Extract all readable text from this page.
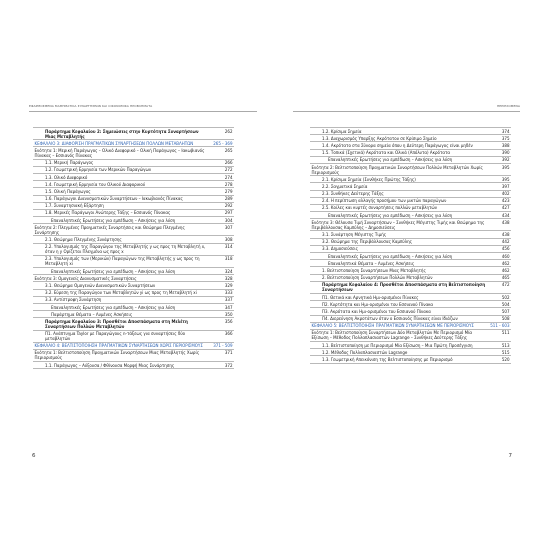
ΕΦΑΡΜΟΣΜΕΝΑ ΜΑΘΗΜΑΤΙΚΑ ΣΥΝΑΡΤΗΣΕΩΝ ΚΑΙ ΟΙΚΟΝΟΜΙΚΑ ΠΡΟΒΛΗΜΑΤΑ
Παράρτημα Κεφαλαίου 2: Σημειώσεις στην Κυρτότητα Συναρτήσεων Μιας Μεταβλητής	262
ΚΕΦΑΛΑΙΟ 3: ΔΙΑΦΟΡΙΣΗ ΠΡΑΓΜΑΤΙΚΩΝ ΣΥΝΑΡΤΗΣΕΩΝ ΠΟΛΛΩΝ ΜΕΤΑΒΛΗΤΩΝ	265 - 369
Ενότητα 1: Μερική Παράγωγος – Ολικό Διαφορικό – Ολική Παράγωγος – Ιακωβιανός Πίνακας – Εσσιανός Πίνακας	265
1.1. Μερική Παράγωγος	266
1.2. Γεωμετρική Ερμηνεία των Μερικών Παραγώγων	272
1.3. Ολικό Διαφορικό	274
1.4. Γεωμετρική Ερμηνεία του Ολικού Διαφορικού	278
1.5. Ολική Παράγωγος	279
1.6. Παράγωγοι Διανυσματικών Συναρτήσεων – Ιακωβιανός Πίνακας	289
1.7. Συναρτησιακή Εξάρτηση	292
1.8. Μερικές Παράγωγοι Ανώτερης Τάξης – Εσσιανός Πίνακας	297
Επαναληπτικές Ερωτήσεις για εμπέδωση – Ασκήσεις για λύση	304
Ενότητα 2: Πλεγμένες Πραγματικές Συναρτήσεις και Θεώρημα Πλεγμένης Συνάρτησης	307
2.1. Θεώρημα Πλεγμένης Συνάρτησης	308
2.2. Υπολογισμός της Παραγώγου της Μεταβλητής y ως προς τη Μεταβλητή x, όταν η y Ορίζεται Πλεγμένα ως προς x	314
2.3. Υπολογισμός των (Μερικών) Παραγώγων της Μεταβλητής y ως προς τη Μεταβλητή xi	318
Επαναληπτικές Ερωτήσεις για εμπέδωση – Ασκήσεις για λύση	324
Ενότητα 3: Ομογενείς Διανυσματικές Συναρτήσεις	328
3.1. Θεώρημα Ομογενών Διανυσματικών Συναρτήσεων	329
3.2. Εύρεση της Παραγώγου των Μεταβλητών yi ως προς τη Μεταβλητή xi	333
3.3. Αντίστροφη Συνάρτηση	337
Επαναληπτικές Ερωτήσεις για εμπέδωση – Ασκήσεις για λύση	347
Παράρτημα Θέματα – Λυμένες Ασκήσεις	350
Παράρτημα Κεφαλαίου 3: Προσθέτοι Αποσπάσματα στη Μελέτη Συναρτήσεων Πολλών Μεταβλητών	356
Π1. Ανάπτυγμα Taylor με Παραγώγους n-τάξεως για συναρτήσεις δύο μεταβλητών	366
ΚΕΦΑΛΑΙΟ 4: ΒΕΛΤΙΣΤΟΠΟΙΗΣΗ ΠΡΑΓΜΑΤΙΚΩΝ ΣΥΝΑΡΤΗΣΕΩΝ ΧΩΡΙΣ ΠΕΡΙΟΡΙΣΜΟΥΣ	371 - 509
Ενότητα 1: Βελτιστοποίηση Πραγματικών Συναρτήσεων Μιας Μεταβλητής Χωρίς Περιορισμούς	371
1.1. Παράγωγος – Αύξουσα / Φθίνουσα Μορφή Μιας Συνάρτησης	372
6
ΠΕΡΙΕΧΟΜΕΝΑ
1.2. Κρίσιμα Σημεία	374
1.3. Διαχωρισμός Υπαρξης Ακρότατου σε Κρίσιμο Σημείο	375
1.4. Ακρότατο στα Σύνορα σημεία όπου η Δεύτερη Παράγωγος είναι μηδέν	388
1.5. Τοπικά (Σχετικά) Ακρότατα και Ολικά (Απόλυτα) Ακρότατα	390
Επαναληπτικές Ερωτήσεις για εμπέδωση – Ασκήσεις για λύση	392
Ενότητα 2: Βελτιστοποίηση Πραγματικών Συναρτήσεων Πολλών Μεταβλητών Χωρίς Περιορισμούς	395
2.1. Κρίσιμα Σημεία (Συνθήκες Πρώτης Τάξης)	395
2.2. Σαγματικά Σημεία	397
2.3. Συνθήκες Δεύτερης Τάξης	402
2.4. Η περίπτωση αλλαγής προσήμου των μικτών παραγώγων	423
2.5. Κοίλες και κυρτές συναρτήσεις πολλών μεταβλητών	427
Επαναληπτικές Ερωτήσεις για εμπέδωση – Ασκήσεις για λύση	434
Ενότητα 3: Θέλουσα Τιμή Συναρτήσεων – Συνθήκες Μέγιστης Τιμής και Θεώρημα της Περιβάλλουσας Καμπύλης – Δημοσιεύσεις	438
3.1. Συνάρτηση Μέγιστης Τιμής	438
3.2. Θεώρημα της Περιβάλλουσας Καμπύλης	442
3.3. Δημοσιεύσεις	456
Επαναληπτικές Ερωτήσεις για εμπέδωση – Ασκήσεις για λύση	460
Επαναληπτικά Θέματα – Λυμένες Ασκήσεις	462
1. Βελτιστοποίηση Συναρτήσεων Μιας Μεταβλητής	462
2. Βελτιστοποίηση Συναρτήσεων Πολλών Μεταβλητών	465
Παράρτημα Κεφαλαίου 4: Προσθέτοι Αποσπάσματα στη Βελτιστοποίηση Συναρτήσεων	472
Π1. Θετικά και Αρνητικά Ημι-ορισμένοι Πίνακες	502
Π2. Κυρτότητα και Ημι-ορισμένοι του Εσσιανού Πίνακα	504
Π3. Ακρότατα και Ημι-ορισμένοι του Εσσιανού Πίνακα	507
Π4. Διερεύνηση Ακροτάτων όταν ο Εσσιανός Πίνακας είναι Ιδιάζων	508
ΚΕΦΑΛΑΙΟ 5: ΒΕΛΤΙΣΤΟΠΟΙΗΣΗ ΠΡΑΓΜΑΤΙΚΩΝ ΣΥΝΑΡΤΗΣΕΩΝ ΜΕ ΠΕΡΙΟΡΙΣΜΟΥΣ	511 - 603
Ενότητα 1: Βελτιστοποίηση Συναρτήσεων Δύο Μεταβλητών Με Περιορισμό Μία Εξίσωση – Μέθοδος Πολλαπλασιαστών Lagrange – Συνθήκες Δεύτερης Τάξης	511
1.1. Βελτιστοποίηση με Περιορισμό Μία Εξίσωση – Μια Πρώτη Προσέγγιση	513
1.2. Μέθοδος Πολλαπλασιαστών Lagrange	515
1.3. Γεωμετρική Απεικόνιση της Βελτιστοποίησης με Περιορισμό	520
7
